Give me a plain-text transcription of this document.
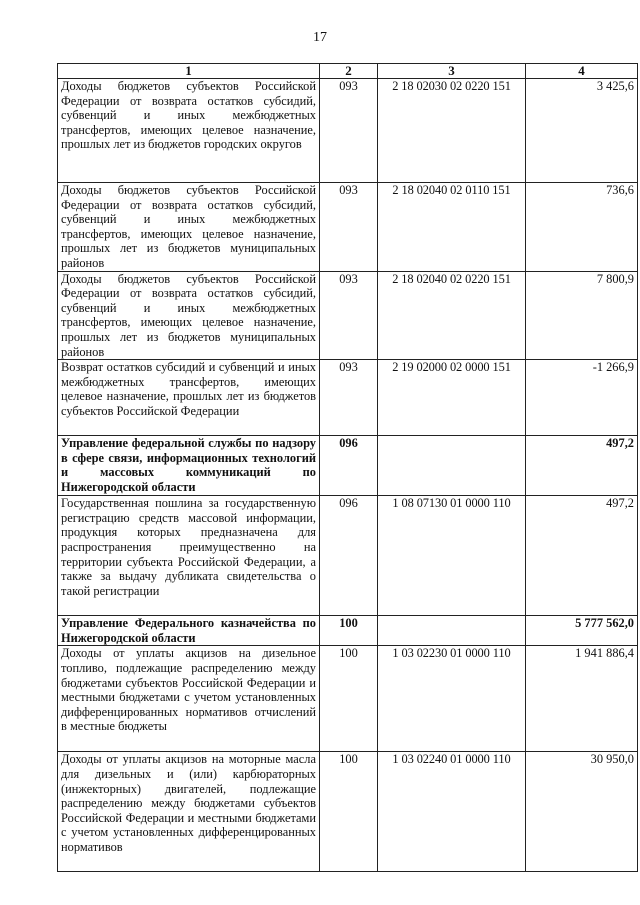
17
1	2	3	4
Доходы бюджетов субъектов Российской Федерации от возврата остатков субсидий, субвенций и иных межбюджетных трансфертов, имеющих целевое назначение, прошлых лет из бюджетов городских округов	093	2 18 02030 02 0220 151	3 425,6
Доходы бюджетов субъектов Российской Федерации от возврата остатков субсидий, субвенций и иных межбюджетных трансфертов, имеющих целевое назначение, прошлых лет из бюджетов муниципальных районов	093	2 18 02040 02 0110 151	736,6
Доходы бюджетов субъектов Российской Федерации от возврата остатков субсидий, субвенций и иных межбюджетных трансфертов, имеющих целевое назначение, прошлых лет из бюджетов муниципальных районов	093	2 18 02040 02 0220 151	7 800,9
Возврат остатков субсидий и субвенций и иных межбюджетных трансфертов, имеющих целевое назначение, прошлых лет из бюджетов субъектов Российской Федерации	093	2 19 02000 02 0000 151	-1 266,9
Управление федеральной службы по надзору в сфере связи, информационных технологий и массовых коммуникаций по Нижегородской области	096		497,2
Государственная пошлина за государственную регистрацию средств массовой информации, продукция которых предназначена для распространения преимущественно на территории субъекта Российской Федерации, а также за выдачу дубликата свидетельства о такой регистрации	096	1 08 07130 01 0000 110	497,2
Управление Федерального казначейства по Нижегородской области	100		5 777 562,0
Доходы от уплаты акцизов на дизельное топливо, подлежащие распределению между бюджетами субъектов Российской Федерации и местными бюджетами с учетом установленных дифференцированных нормативов отчислений в местные бюджеты	100	1 03 02230 01 0000 110	1 941 886,4
Доходы от уплаты акцизов на моторные масла для дизельных и (или) карбюраторных (инжекторных) двигателей, подлежащие распределению между бюджетами субъектов Российской Федерации и местными бюджетами с учетом установленных дифференцированных нормативов	100	1 03 02240 01 0000 110	30 950,0
